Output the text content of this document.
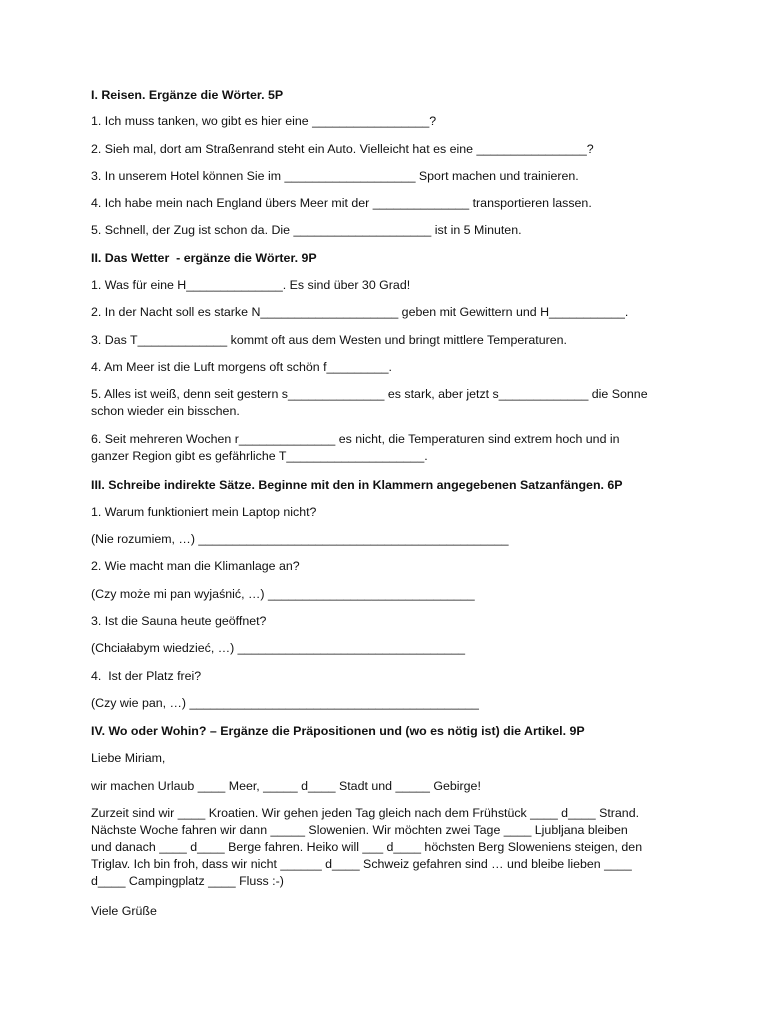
I. Reisen. Ergänze die Wörter. 5P

1. Ich muss tanken, wo gibt es hier eine _________________?

2. Sieh mal, dort am Straßenrand steht ein Auto. Vielleicht hat es eine ________________?

3. In unserem Hotel können Sie im ___________________ Sport machen und trainieren.

4. Ich habe mein nach England übers Meer mit der ______________ transportieren lassen.

5. Schnell, der Zug ist schon da. Die ____________________ ist in 5 Minuten.

II. Das Wetter  - ergänze die Wörter. 9P

1. Was für eine H______________. Es sind über 30 Grad!

2. In der Nacht soll es starke N____________________ geben mit Gewittern und H___________.

3. Das T_____________ kommt oft aus dem Westen und bringt mittlere Temperaturen.

4. Am Meer ist die Luft morgens oft schön f_________.

5. Alles ist weiß, denn seit gestern s______________ es stark, aber jetzt s_____________ die Sonne
schon wieder ein bisschen.

6. Seit mehreren Wochen r______________ es nicht, die Temperaturen sind extrem hoch und in
ganzer Region gibt es gefährliche T____________________.

III. Schreibe indirekte Sätze. Beginne mit den in Klammern angegebenen Satzanfängen. 6P

1. Warum funktioniert mein Laptop nicht?

(Nie rozumiem, …) _____________________________________________

2. Wie macht man die Klimanlage an?

(Czy może mi pan wyjaśnić, …) ______________________________

3. Ist die Sauna heute geöffnet?

(Chciałabym wiedzieć, …) _________________________________

4.  Ist der Platz frei?

(Czy wie pan, …) __________________________________________

IV. Wo oder Wohin? – Ergänze die Präpositionen und (wo es nötig ist) die Artikel. 9P

Liebe Miriam,

wir machen Urlaub ____ Meer, _____ d____ Stadt und _____ Gebirge!

Zurzeit sind wir ____ Kroatien. Wir gehen jeden Tag gleich nach dem Frühstück ____ d____ Strand.
Nächste Woche fahren wir dann _____ Slowenien. Wir möchten zwei Tage ____ Ljubljana bleiben
und danach ____ d____ Berge fahren. Heiko will ___ d____ höchsten Berg Sloweniens steigen, den
Triglav. Ich bin froh, dass wir nicht ______ d____ Schweiz gefahren sind … und bleibe lieben ____
d____ Campingplatz ____ Fluss :-)

Viele Grüße
